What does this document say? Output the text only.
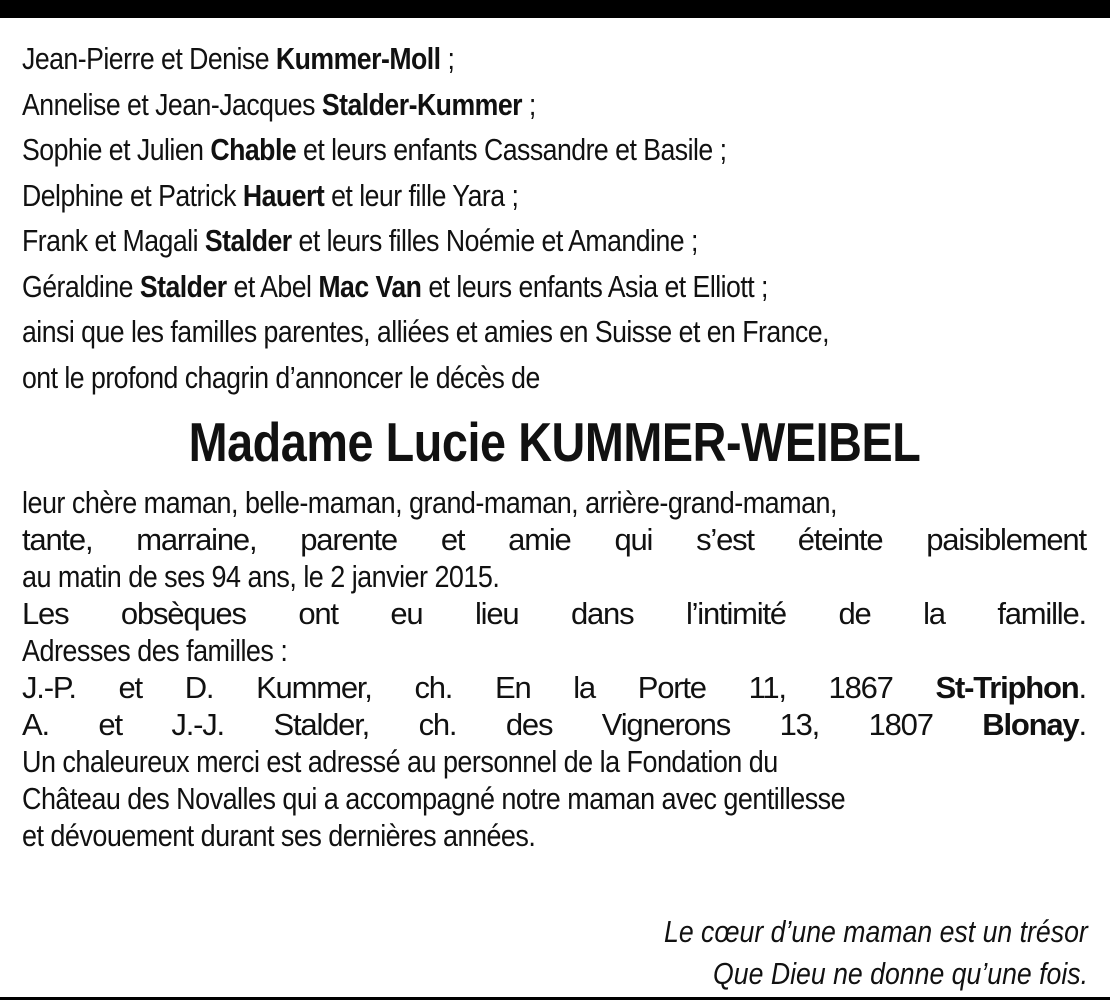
Jean-Pierre et Denise Kummer-Moll ;
Annelise et Jean-Jacques Stalder-Kummer ;
Sophie et Julien Chable et leurs enfants Cassandre et Basile ;
Delphine et Patrick Hauert et leur fille Yara ;
Frank et Magali Stalder et leurs filles Noémie et Amandine ;
Géraldine Stalder et Abel Mac Van et leurs enfants Asia et Elliott ;
ainsi que les familles parentes, alliées et amies en Suisse et en France,
ont le profond chagrin d’annoncer le décès de
Madame Lucie KUMMER-WEIBEL
leur chère maman, belle-maman, grand-maman, arrière-grand-maman,
tante, marraine, parente et amie qui s’est éteinte paisiblement
au matin de ses 94 ans, le 2 janvier 2015.
Les obsèques ont eu lieu dans l’intimité de la famille.
Adresses des familles :
J.-P. et D. Kummer, ch. En la Porte 11, 1867 St-Triphon.
A. et J.-J. Stalder, ch. des Vignerons 13, 1807 Blonay.
Un chaleureux merci est adressé au personnel de la Fondation du
Château des Novalles qui a accompagné notre maman avec gentillesse
et dévouement durant ses dernières années.
Le cœur d’une maman est un trésor
Que Dieu ne donne qu’une fois.
